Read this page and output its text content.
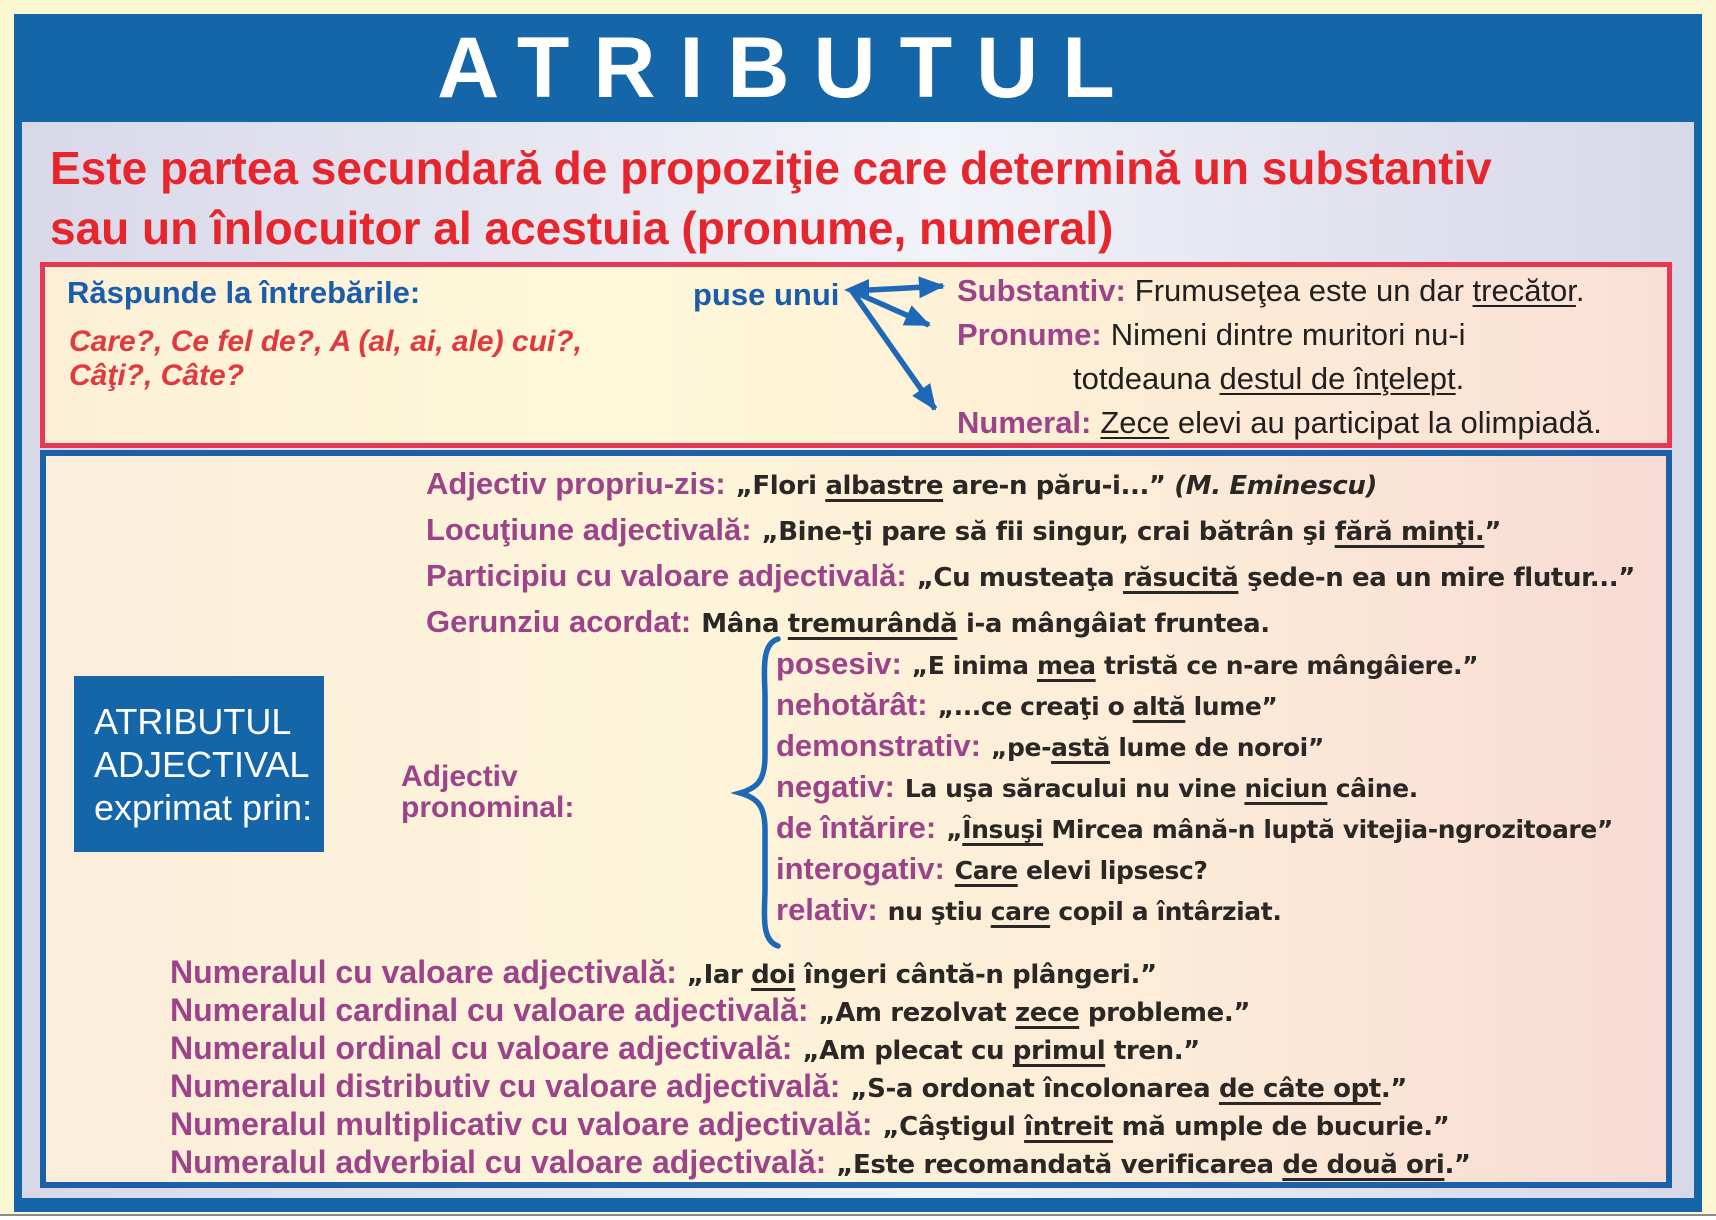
ATRIBUTUL
Este partea secundară de propoziţie care determină un substantiv
sau un înlocuitor al acestuia (pronume, numeral)
Răspunde la întrebările:
Care?, Ce fel de?, A (al, ai, ale) cui?,
Câţi?, Câte?
puse unui	Substantiv: Frumuseţea este un dar trecător.
Pronume: Nimeni dintre muritori nu-i
totdeauna destul de înţelept.
Numeral: Zece elevi au participat la olimpiadă.
Adjectiv propriu-zis: „Flori albastre are-n păru-i...” (M. Eminescu)
Locuţiune adjectivală: „Bine-ţi pare să fii singur, crai bătrân şi fără minţi.”
Participiu cu valoare adjectivală: „Cu musteaţa răsucită şede-n ea un mire flutur...”
Gerunziu acordat: Mâna tremurândă i-a mângâiat fruntea.
ATRIBUTUL
ADJECTIVAL
exprimat prin:
Adjectiv
pronominal:
posesiv: „E inima mea tristă ce n-are mângâiere.”
nehotărât: „...ce creaţi o altă lume”
demonstrativ: „pe-astă lume de noroi”
negativ: La uşa săracului nu vine niciun câine.
de întărire: „Însuşi Mircea mână-n luptă vitejia-ngrozitoare”
interogativ: Care elevi lipsesc?
relativ: nu ştiu care copil a întârziat.
Numeralul cu valoare adjectivală: „Iar doi îngeri cântă-n plângeri.”
Numeralul cardinal cu valoare adjectivală: „Am rezolvat zece probleme.”
Numeralul ordinal cu valoare adjectivală: „Am plecat cu primul tren.”
Numeralul distributiv cu valoare adjectivală: „S-a ordonat încolonarea de câte opt.”
Numeralul multiplicativ cu valoare adjectivală: „Câştigul întreit mă umple de bucurie.”
Numeralul adverbial cu valoare adjectivală: „Este recomandată verificarea de două ori.”
